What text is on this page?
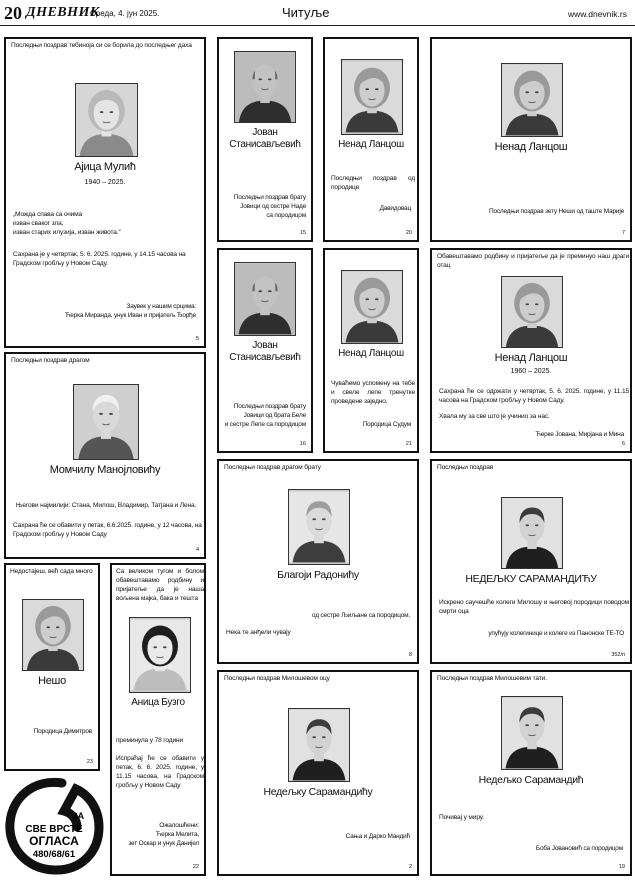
20 ДНЕВНИК
Среда, 4. јун 2025.	Читуље	www.dnevnik.rs
Последњи поздрав тебиноја си се борила до последњег даха
Ајица Мулић
1940 – 2025.
„Можда спава са очима
изван сваког зла,
изван старих илузија, изван живота.“
Сахрана је у четвртак, 5. 6. 2025. године, у 14.15 часова на Градском гробљу у Новом Саду.
Заувек у нашим срцима:
Ћерка Миранда, унук Иван и пријатељ Ђорђе
5
Последњи поздрав драгом
Момчилу Манојловићу
Његови најмилији: Стана, Милош, Владимир, Татјана и Лена.
Сахрана ће се обавити у петак, 6.6.2025. године, у 12 часова, на Градском гробљу у Новом Саду
4
Недостајеш, већ сада много
Нешо
Породица Димитров
23
Са великом тугом и болом обавештавамо родбину и пријатеље да је наша вољена мајка, бака и тешта
Аница Бузго
преминула у 78 години
Испраћај ће се обавити у петак, 6. 6. 2025. године, у 11.15 часова, на Градском гробљу у Новом Саду
Ожалошћени:
Ћерка Мелита,
зет Оскар и унук Данијел
22
ЗА
СВЕ ВРСТЕ
ОГЛАСА
480/68/61
Јован
Станисављевић
Последњи поздрав брату
Јовици од сестре Наде
са породицом
15
Ненад Ланцош
Последњи поздрав од породице
Давидовац
20
Ненад Ланцош
Последњи поздрав зету Неши од таште Марије
7
Јован
Станисављевић
Последњи поздрав брату
Јовици од брата Беле
и сестре Лепе са породицом
16
Ненад Ланцош
Чуваћемо успомену на тебе и свеле лепе тренутке проведене заједно.
Породица Судум
21
Обавештавамо родбину и пријатеље да је преминуо наш драги отац
Ненад Ланцош
1960 – 2025.
Сахрана ће се одржати у четвртак, 5. 6. 2025. године, у 11.15 часова на Градском гробљу у Новом Саду.
Хвала му за све што је учинио за нас.
Ћерке Јована, Мирјана и Мина
6
Последњи поздрав драгом брату
Благоји Радонићу
од сестре Љиљане са породицом.
Нека те анђели чувају
8
Последњи поздрав
НЕДЕЉКУ САРАМАНДИЋУ
Искрено саучешће колеги Милошу и његовој породици поводом смрти оца
упућују колегинице и колеге из Панонске ТЕ-ТО
352/п
Последњи поздрав Милошевом оцу
Недељку Сарамандићу
Сања и Дарко Мандић
2
Последњи поздрав Милошевим тати.
Недељко Сарамандић
Почивај у миру.
Боба Јовановић са породицом
19
